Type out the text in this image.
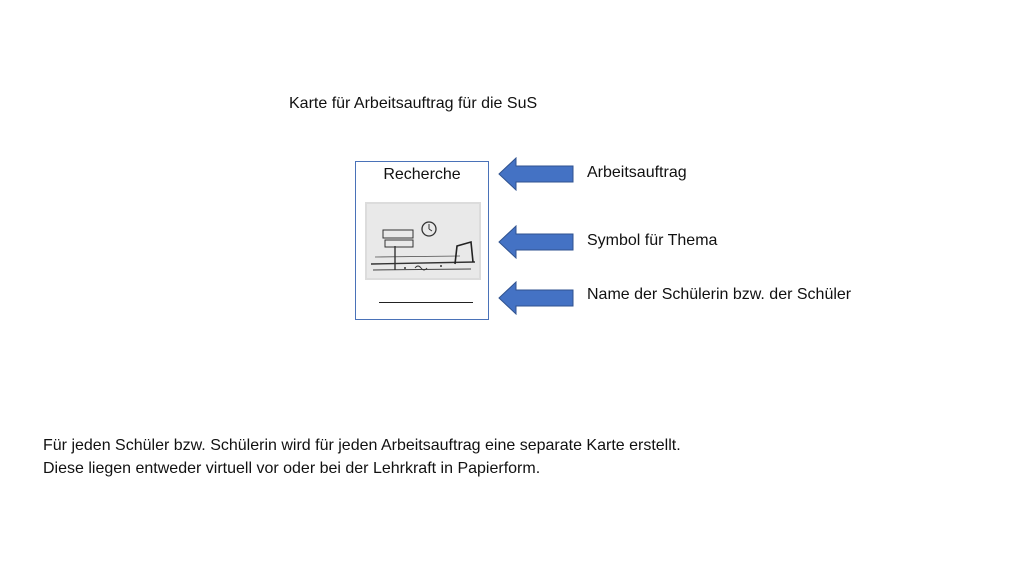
Karte für Arbeitsauftrag für die SuS
Recherche	Arbeitsauftrag
Symbol für Thema
Name der Schülerin bzw. der Schüler
Für jeden Schüler bzw. Schülerin wird für jeden Arbeitsauftrag eine separate Karte erstellt.
Diese liegen entweder virtuell vor oder bei der Lehrkraft in Papierform.
